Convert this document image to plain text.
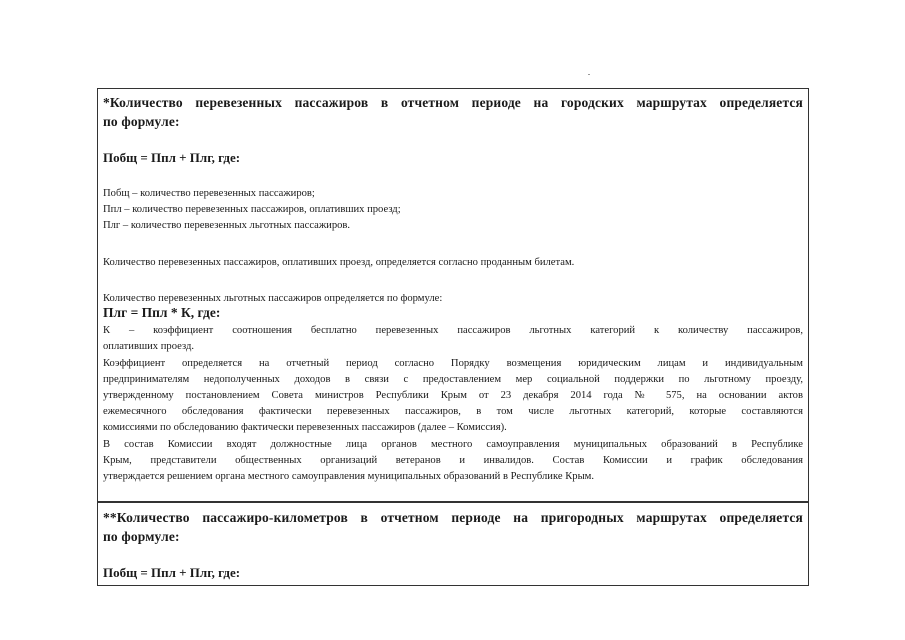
*Количество перевезенных пассажиров в отчетном периоде на городских маршрутах определяется

по формуле:

Побщ = Ппл + Плг, где:

Побщ – количество перевезенных пассажиров;

Ппл – количество перевезенных пассажиров, оплативших проезд;

Плг – количество перевезенных льготных пассажиров.

Количество перевезенных пассажиров, оплативших проезд, определяется согласно проданным билетам.

Количество перевезенных льготных пассажиров определяется по формуле:

Плг = Ппл * К, где:

К – коэффициент соотношения бесплатно перевезенных пассажиров льготных категорий к количеству пассажиров,

оплативших проезд.

Коэффициент определяется на отчетный период согласно Порядку возмещения юридическим лицам и индивидуальным

предпринимателям недополученных доходов в связи с предоставлением мер социальной поддержки по льготному проезду,

утвержденному постановлением Совета министров Республики Крым от 23 декабря 2014 года № 575, на основании актов

ежемесячного обследования фактически перевезенных пассажиров, в том числе льготных категорий, которые составляются

комиссиями по обследованию фактически перевезенных пассажиров (далее – Комиссия).

В состав Комиссии входят должностные лица органов местного самоуправления муниципальных образований в Республике

Крым, представители общественных организаций ветеранов и инвалидов. Состав Комиссии и график обследования

утверждается решением органа местного самоуправления муниципальных образований в Республике Крым.

**Количество пассажиро-километров в отчетном периоде на пригородных маршрутах определяется

по формуле:

Побщ = Ппл + Плг, где:
